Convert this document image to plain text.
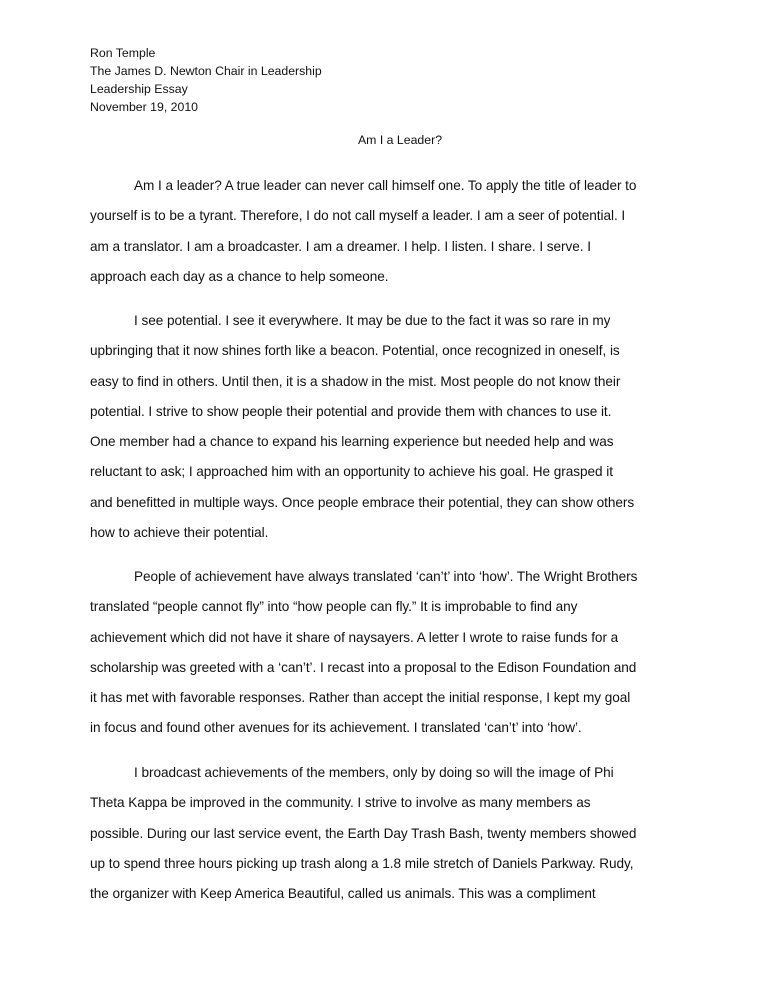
Ron Temple
The James D. Newton Chair in Leadership
Leadership Essay
November 19, 2010
Am I a Leader?
Am I a leader? A true leader can never call himself one. To apply the title of leader to
yourself is to be a tyrant. Therefore, I do not call myself a leader. I am a seer of potential. I
am a translator. I am a broadcaster. I am a dreamer. I help. I listen. I share. I serve. I
approach each day as a chance to help someone.
I see potential. I see it everywhere. It may be due to the fact it was so rare in my
upbringing that it now shines forth like a beacon. Potential, once recognized in oneself, is
easy to find in others. Until then, it is a shadow in the mist. Most people do not know their
potential. I strive to show people their potential and provide them with chances to use it.
One member had a chance to expand his learning experience but needed help and was
reluctant to ask; I approached him with an opportunity to achieve his goal. He grasped it
and benefitted in multiple ways. Once people embrace their potential, they can show others
how to achieve their potential.
People of achievement have always translated ‘can’t’ into ‘how’. The Wright Brothers
translated “people cannot fly” into “how people can fly.” It is improbable to find any
achievement which did not have it share of naysayers. A letter I wrote to raise funds for a
scholarship was greeted with a ‘can’t’. I recast into a proposal to the Edison Foundation and
it has met with favorable responses. Rather than accept the initial response, I kept my goal
in focus and found other avenues for its achievement. I translated ‘can’t’ into ‘how’.
I broadcast achievements of the members, only by doing so will the image of Phi
Theta Kappa be improved in the community. I strive to involve as many members as
possible. During our last service event, the Earth Day Trash Bash, twenty members showed
up to spend three hours picking up trash along a 1.8 mile stretch of Daniels Parkway. Rudy,
the organizer with Keep America Beautiful, called us animals. This was a compliment
